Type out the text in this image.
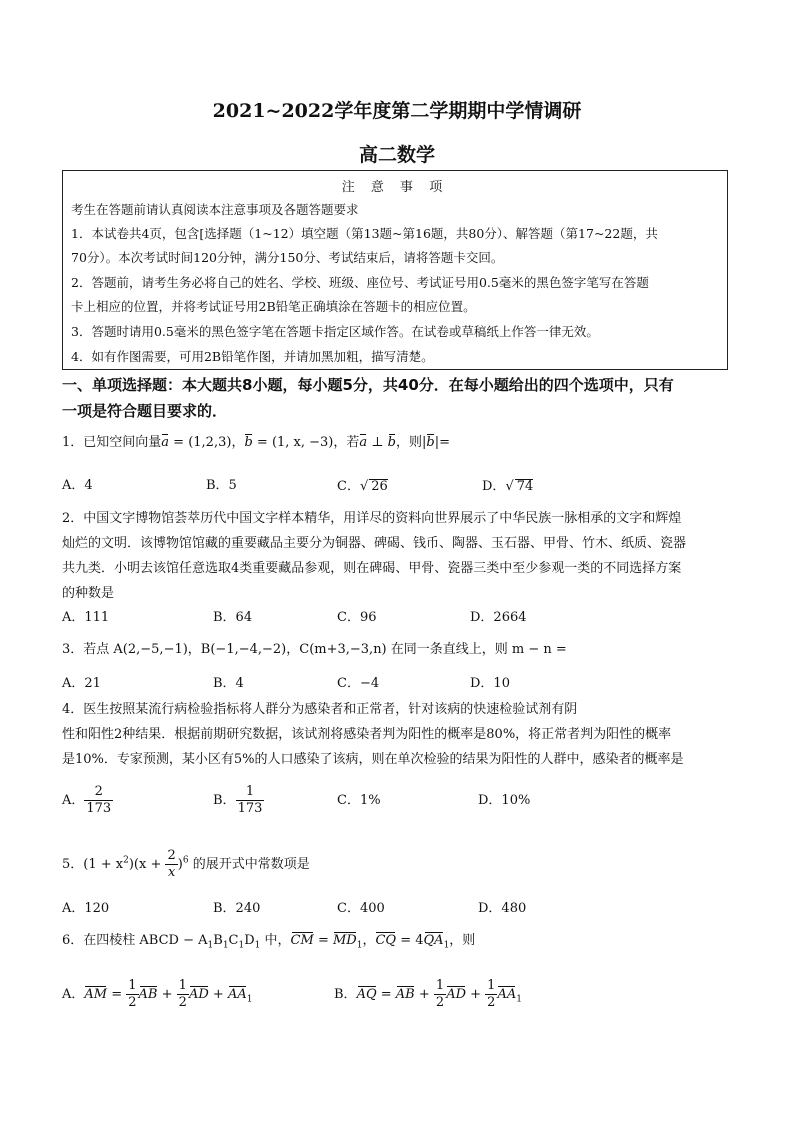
2021~2022学年度第二学期期中学情调研
高二数学
注 意 事 项
考生在答题前请认真阅读本注意事项及各题答题要求
1．本试卷共4页，包含[选择题（1~12）填空题（第13题~第16题，共80分）、解答题（第17~22题，共
70分）。本次考试时间120分钟，满分150分、考试结束后，请将答题卡交回。
2．答题前，请考生务必将自己的姓名、学校、班级、座位号、考试证号用0.5毫米的黑色签字笔写在答题
卡上相应的位置，并将考试证号用2B铅笔正确填涂在答题卡的相应位置。
3．答题时请用0.5毫米的黑色签字笔在答题卡指定区域作答。在试卷或草稿纸上作答一律无效。
4．如有作图需要，可用2B铅笔作图，并请加黑加粗，描写清楚。
一、单项选择题：本大题共8小题，每小题5分，共40分．在每小题给出的四个选项中，只有
一项是符合题目要求的．
1．已知空间向量a = (1,2,3)，b = (1, x, −3)，若a ⊥ b，则|b|=
A．4	B．5	C．√ 26	D．√ 74
2．中国文字博物馆荟萃历代中国文字样本精华，用详尽的资料向世界展示了中华民族一脉相承的文字和辉煌
灿烂的文明．该博物馆馆藏的重要藏品主要分为铜器、碑碣、钱币、陶器、玉石器、甲骨、竹木、纸质、瓷器
共九类．小明去该馆任意选取4类重要藏品参观，则在碑碣、甲骨、瓷器三类中至少参观一类的不同选择方案
的种数是
A．111	B．64	C．96	D．2664
3．若点 A(2,−5,−1)，B(−1,−4,−2)，C(m+3,−3,n) 在同一条直线上，则 m − n =
A．21	B．4	C．−4	D．10
4．医生按照某流行病检验指标将人群分为感染者和正常者，针对该病的快速检验试剂有阴
性和阳性2种结果．根据前期研究数据，该试剂将感染者判为阳性的概率是80%，将正常者判为阳性的概率
是10%．专家预测，某小区有5%的人口感染了该病，则在单次检验的结果为阳性的人群中，感染者的概率是
A． $\frac{2}{173}$	B． $\frac{1}{173}$	C．1%	D．10%
5．$(1 + x^2)(x + \frac{2}{x} )^6$ 的展开式中常数项是
A．120	B．240	C．400	D．480
6．在四棱柱 ABCD − $A_1B_1C_1D_1$ 中，CM = $MD_1$，CQ = $4QA_1$，则
A．AM = $\frac{1}{2}$ AB + $\frac{1}{2}$ AD + $AA_1$	B．AQ = AB + $\frac{1}{2}$ AD + $\frac{1}{2} AA_1$
